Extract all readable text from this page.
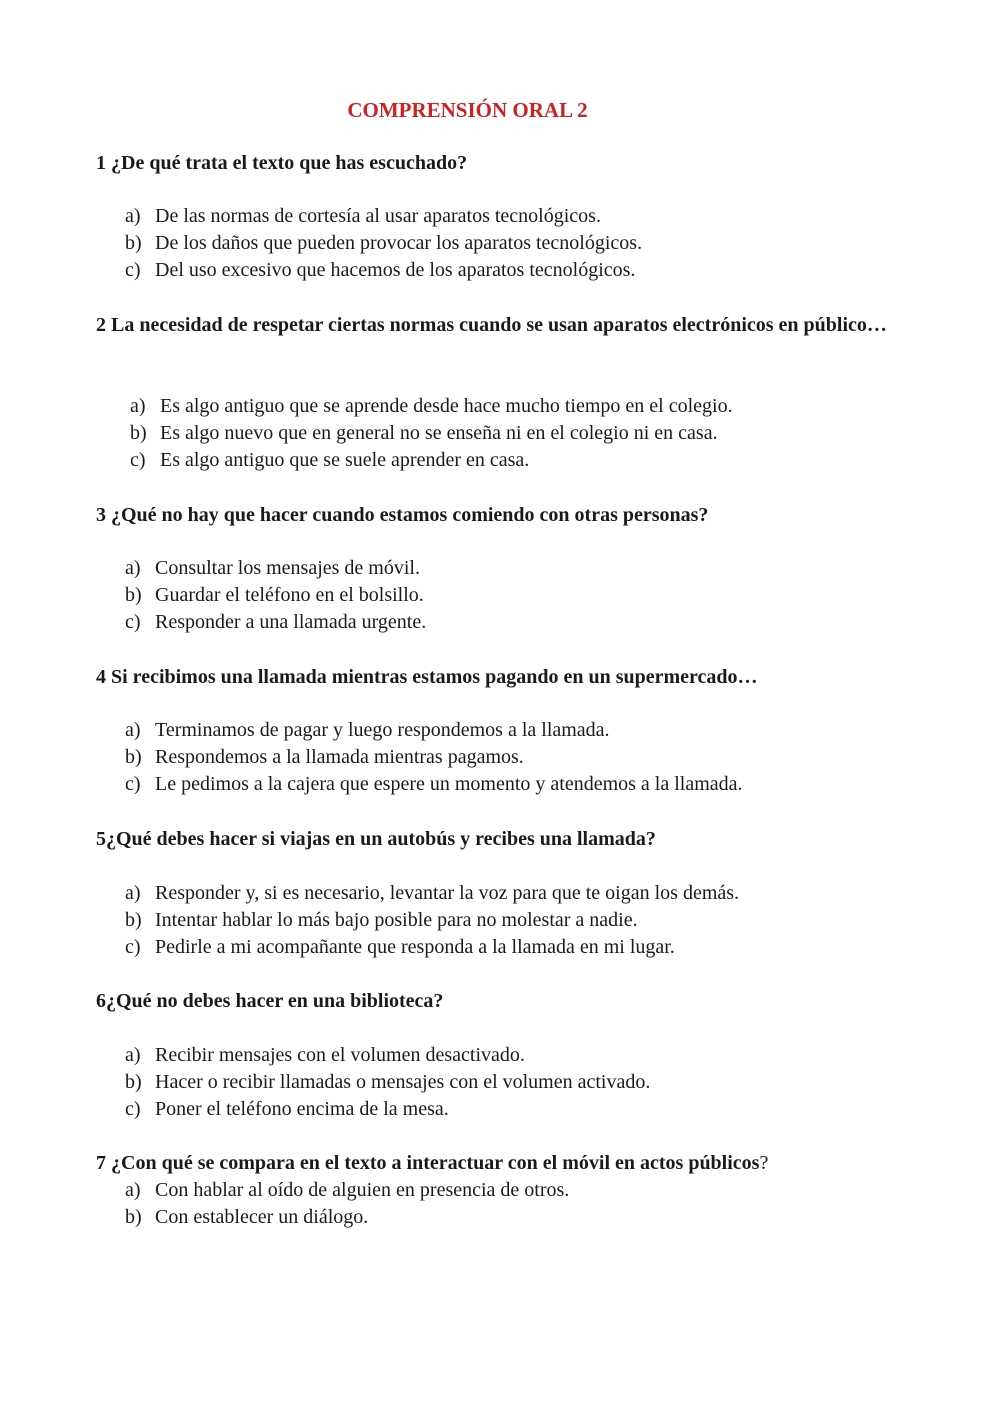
COMPRENSIÓN ORAL 2
1 ¿De qué trata el texto que has escuchado?
a) De las normas de cortesía al usar aparatos tecnológicos.
b) De los daños que pueden provocar los aparatos tecnológicos.
c) Del uso excesivo que hacemos de los aparatos tecnológicos.
2 La necesidad de respetar ciertas normas cuando se usan aparatos electrónicos en público…
a) Es algo antiguo que se aprende desde hace mucho tiempo en el colegio.
b) Es algo nuevo que en general no se enseña ni en el colegio ni en casa.
c) Es algo antiguo que se suele aprender en casa.
3 ¿Qué no hay que hacer cuando estamos comiendo con otras personas?
a) Consultar los mensajes de móvil.
b) Guardar el teléfono en el bolsillo.
c) Responder a una llamada urgente.
4 Si recibimos una llamada mientras estamos pagando en un supermercado…
a) Terminamos de pagar y luego respondemos a la llamada.
b) Respondemos a la llamada mientras pagamos.
c) Le pedimos a la cajera que espere un momento y atendemos a la llamada.
5¿Qué debes hacer si viajas en un autobús y recibes una llamada?
a) Responder y, si es necesario, levantar la voz para que te oigan los demás.
b) Intentar hablar lo más bajo posible para no molestar a nadie.
c) Pedirle a mi acompañante que responda a la llamada en mi lugar.
6¿Qué no debes hacer en una biblioteca?
a) Recibir mensajes con el volumen desactivado.
b) Hacer o recibir llamadas o mensajes con el volumen activado.
c) Poner el teléfono encima de la mesa.
7 ¿Con qué se compara en el texto a interactuar con el móvil en actos públicos?
a) Con hablar al oído de alguien en presencia de otros.
b) Con establecer un diálogo.
